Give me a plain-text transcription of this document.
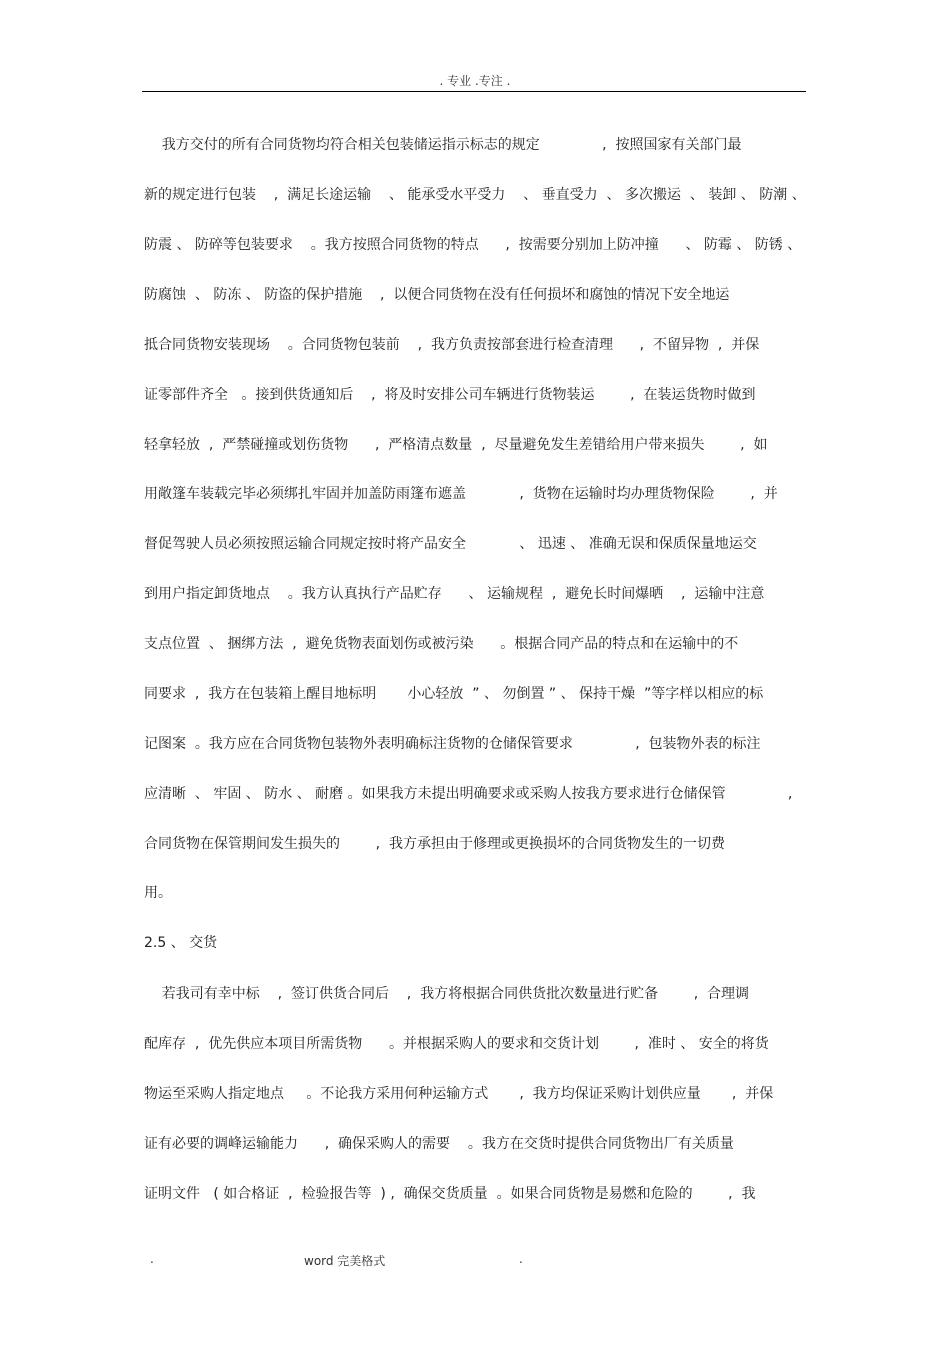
. 专业 .专注 .
我方交付的所有合同货物均符合相关包装储运指示标志的规定              ,  按照国家有关部门最
新的规定进行包装    ,  满足长途运输    、 能承受水平受力    、 垂直受力  、 多次搬运  、 装卸 、 防潮 、
防震 、 防碎等包装要求    。我方按照合同货物的特点      ,  按需要分别加上防冲撞      、 防霉 、 防锈 、
防腐蚀  、 防冻 、 防盗的保护措施    ,  以便合同货物在没有任何损坏和腐蚀的情况下安全地运
抵合同货物安装现场    。合同货物包装前    ,  我方负责按部套进行检查清理      ,  不留异物  ,  并保
证零部件齐全   。接到供货通知后    ,  将及时安排公司车辆进行货物装运        ,  在装运货物时做到
轻拿轻放  ,  严禁碰撞或划伤货物      ,  严格清点数量  ,  尽量避免发生差错给用户带来损失        ,  如
用敞篷车装载完毕必须绑扎牢固并加盖防雨篷布遮盖            ,  货物在运输时均办理货物保险        ,  并
督促驾驶人员必须按照运输合同规定按时将产品安全            、 迅速 、 准确无误和保质保量地运交
到用户指定卸货地点    。我方认真执行产品贮存      、 运输规程  ,  避免长时间爆晒    ,  运输中注意
支点位置  、 捆绑方法  ,  避免货物表面划伤或被污染      。根据合同产品的特点和在运输中的不
同要求  ,  我方在包装箱上醒目地标明       小心轻放  ” 、 勿倒置 ” 、 保持干燥  ”等字样以相应的标
记图案  。我方应在合同货物包装物外表明确标注货物的仓储保管要求              ,  包装物外表的标注
应清晰  、 牢固 、 防水 、 耐磨 。如果我方未提出明确要求或采购人按我方要求进行仓储保管              ,
合同货物在保管期间发生损失的        ,  我方承担由于修理或更换损坏的合同货物发生的一切费
用。
2.5 、 交货
若我司有幸中标    ,  签订供货合同后    ,  我方将根据合同供货批次数量进行贮备        ,  合理调
配库存  ,  优先供应本项目所需货物      。并根据采购人的要求和交货计划        ,  准时 、 安全的将货
物运至采购人指定地点     。不论我方采用何种运输方式       ,  我方均保证采购计划供应量       ,  并保
证有必要的调峰运输能力      ,  确保采购人的需要    。我方在交货时提供合同货物出厂有关质量
证明文件   ( 如合格证  ,  检验报告等  ) ,  确保交货质量  。如果合同货物是易燃和危险的        ,  我
.	word 完美格式	.
